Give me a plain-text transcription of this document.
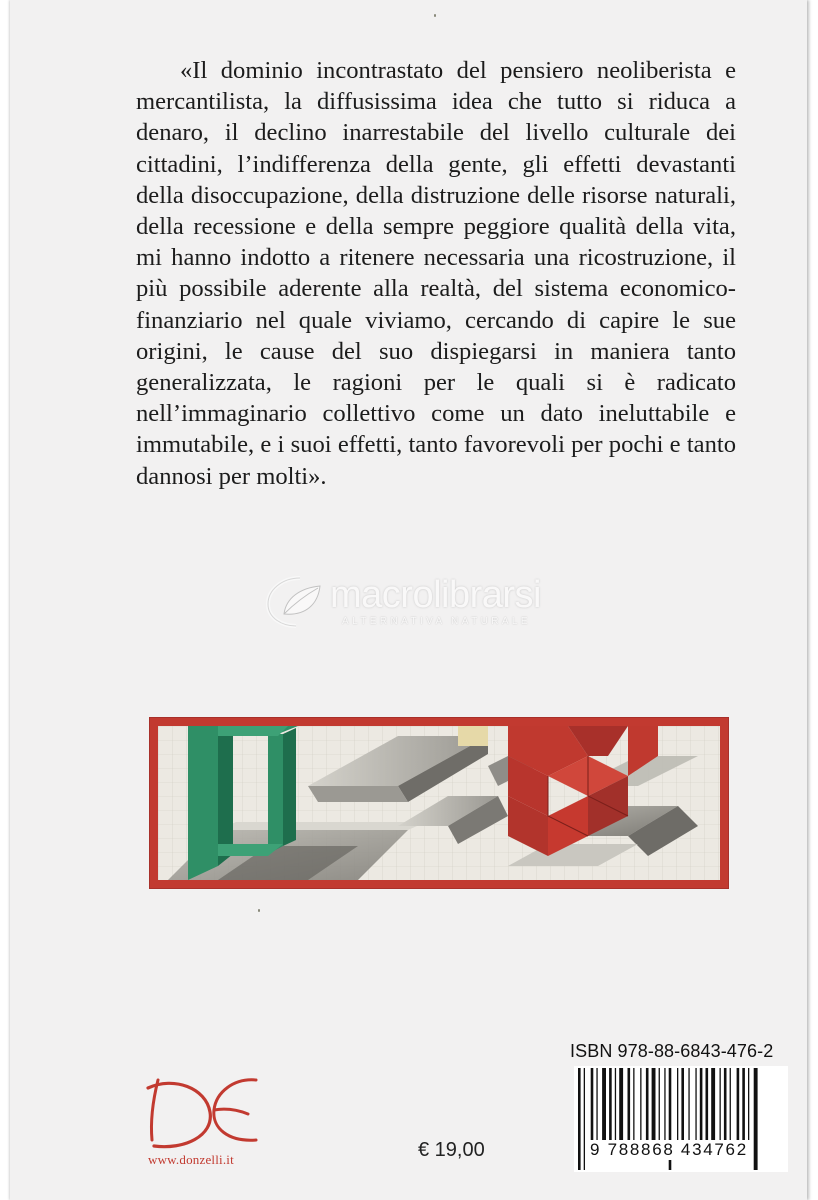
«Il dominio incontrastato del pensiero neoliberista e mercantilista, la diffusissima idea che tutto si riduca a denaro, il declino inarrestabile del livello culturale dei cittadini, l’indifferenza della gente, gli effetti devastanti della disoccupazione, della distruzione delle risorse naturali, della recessione e della sempre peggiore qualità della vita, mi hanno indotto a ritenere necessaria una ricostruzione, il più possibile aderente alla realtà, del sistema economico-finanziario nel quale viviamo, cercando di capire le sue origini, le cause del suo dispiegarsi in maniera tanto generalizzata, le ragioni per le quali si è radicato nell’immaginario collettivo come un dato ineluttabile e immutabile, e i suoi effetti, tanto favorevoli per pochi e tanto dannosi per molti».

macrolibrarsi
ALTERNATIVA NATURALE
www.donzelli.it	€ 19,00
ISBN 978-88-6843-476-2
9 788868 434762
